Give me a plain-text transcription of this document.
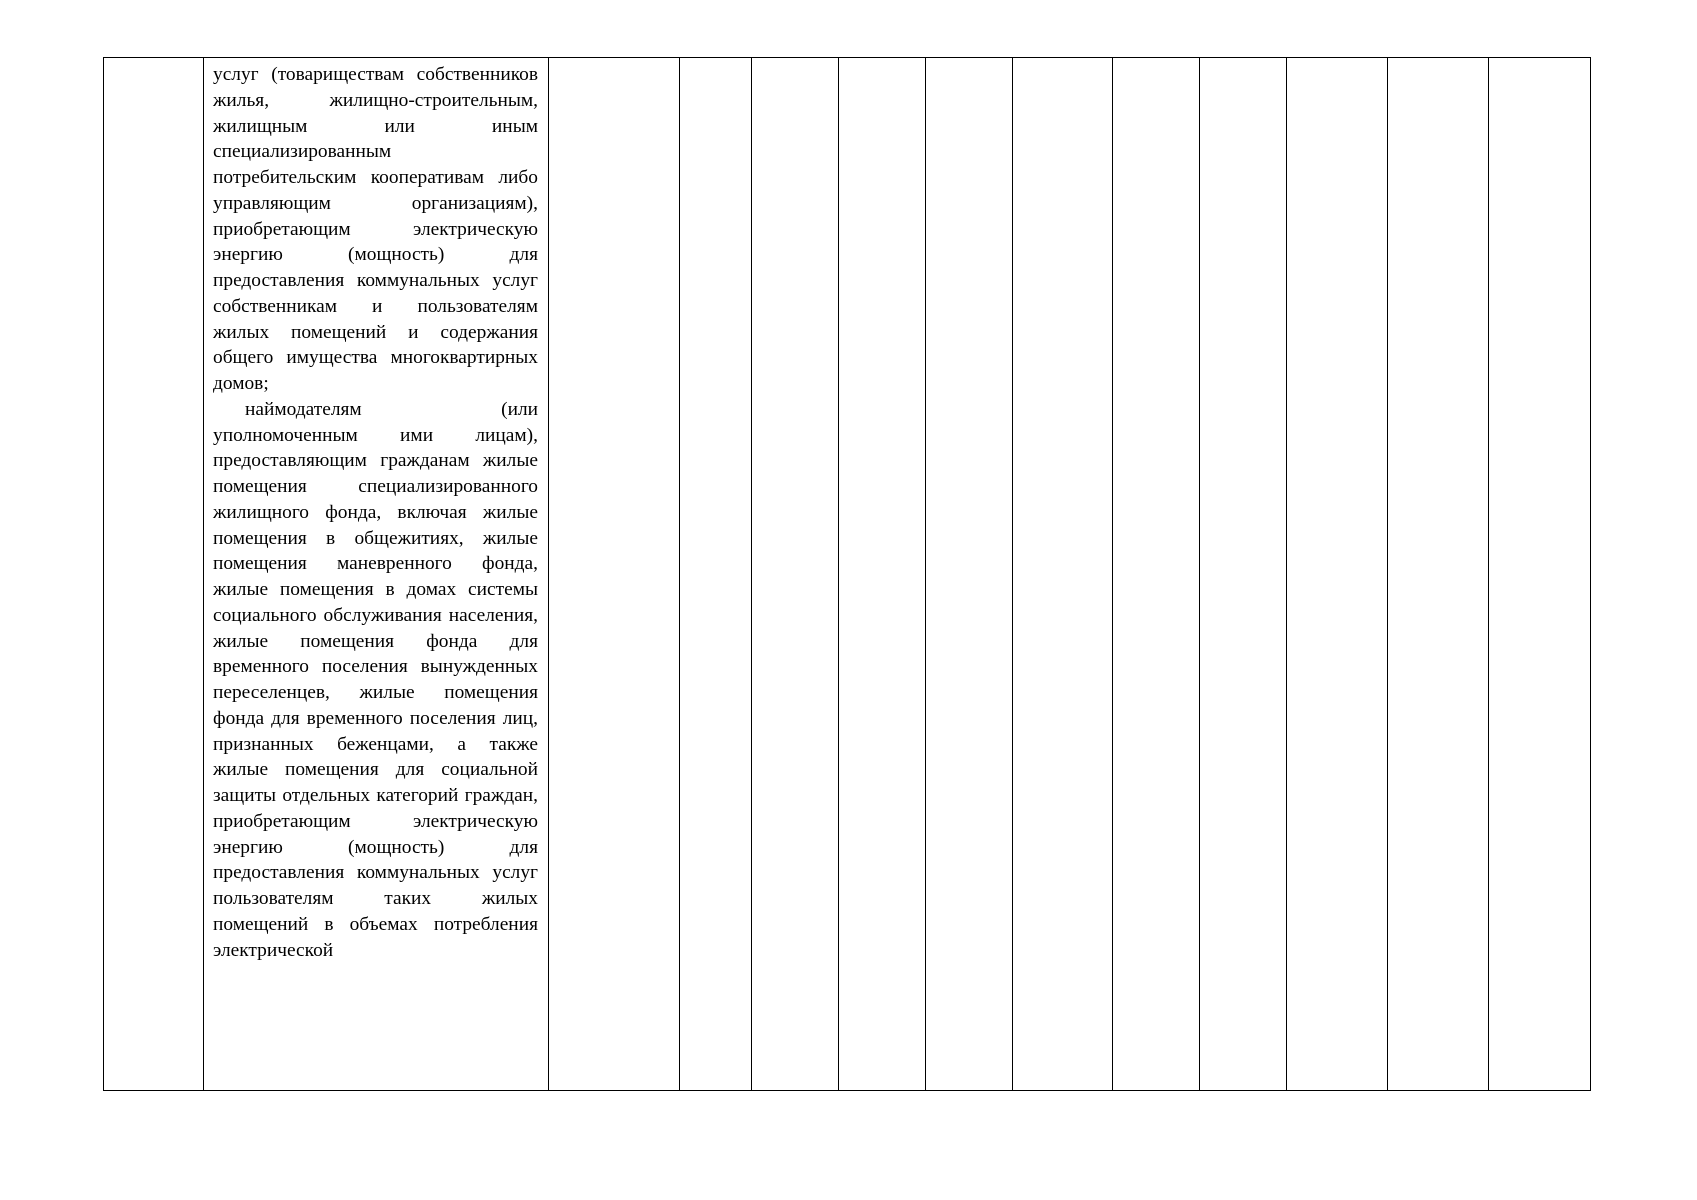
услуг (товариществам собственников жилья, жилищно-строительным, жилищным или иным специализированным потребительским кооперативам либо управляющим организациям), приобретающим электрическую энергию (мощность) для предоставления коммунальных услуг собственникам и пользователям жилых помещений и содержания общего имущества многоквартирных домов;

наймодателям (или уполномоченным ими лицам), предоставляющим гражданам жилые помещения специализированного жилищного фонда, включая жилые помещения в общежитиях, жилые помещения маневренного фонда, жилые помещения в домах системы социального обслуживания населения, жилые помещения фонда для временного поселения вынужденных переселенцев, жилые помещения фонда для временного поселения лиц, признанных беженцами, а также жилые помещения для социальной защиты отдельных категорий граждан, приобретающим электрическую энергию (мощность) для предоставления коммунальных услуг пользователям таких жилых помещений в объемах потребления электрической
